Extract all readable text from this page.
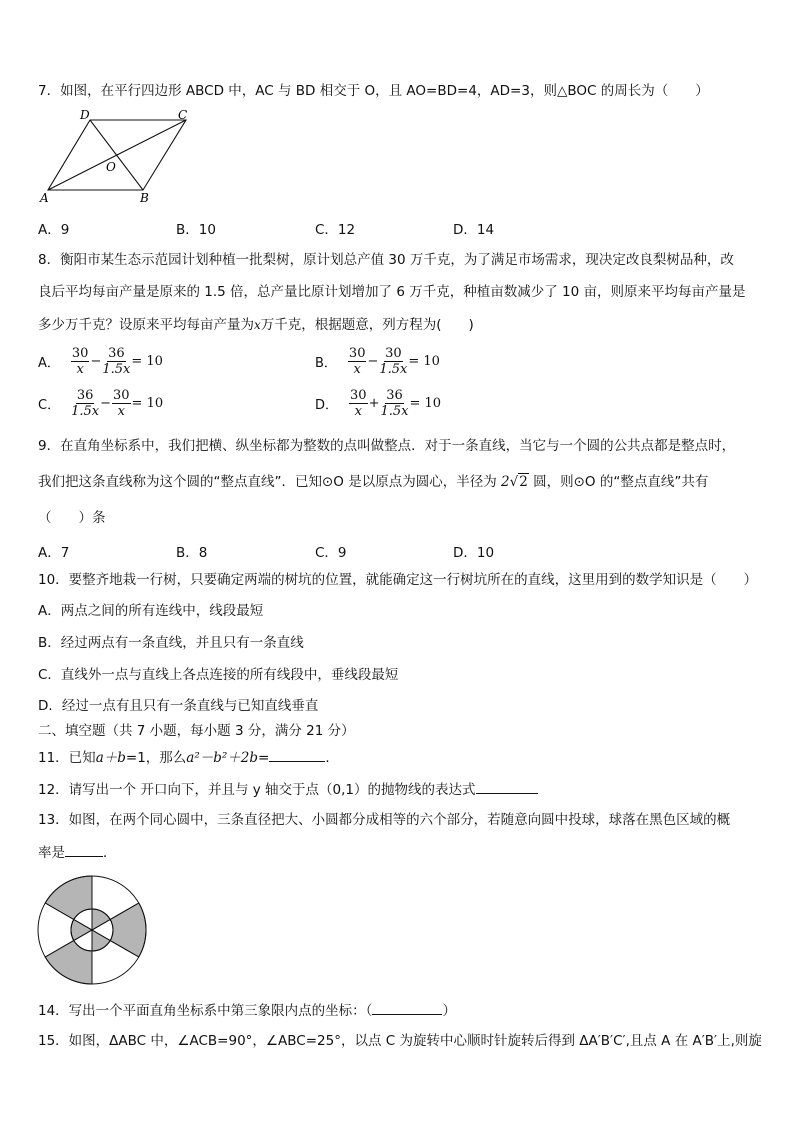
7．如图，在平行四边形 ABCD 中，AC 与 BD 相交于 O，且 AO=BD=4，AD=3，则△BOC 的周长为（　　）
A	B
C
D
O
A．9	B．10	C．12	D．14
8．衡阳市某生态示范园计划种植一批梨树，原计划总产值 30 万千克，为了满足市场需求，现决定改良梨树品种，改
良后平均每亩产量是原来的 1.5 倍，总产量比原计划增加了 6 万千克，种植亩数减少了 10 亩，则原来平均每亩产量是
多少万千克？设原来平均每亩产量为x万千克，根据题意，列方程为(　　)
A． $\frac{30}{x} - \frac{36}{1.5x} = 10$	B． $\frac{30}{x} - \frac{30}{1.5x} = 10$
C． $\frac{36}{1.5x} - \frac{30}{x} = 10$	D． $\frac{30}{x} + \frac{36}{1.5x} = 10$
9．在直角坐标系中，我们把横、纵坐标都为整数的点叫做整点．对于一条直线，当它与一个圆的公共点都是整点时，
我们把这条直线称为这个圆的“整点直线”．已知⊙O 是以原点为圆心，半径为 2√2 圆，则⊙O 的“整点直线”共有
（　　）条
A．7	B．8	C．9	D．10
10．要整齐地栽一行树，只要确定两端的树坑的位置，就能确定这一行树坑所在的直线，这里用到的数学知识是（　　）
A．两点之间的所有连线中，线段最短
B．经过两点有一条直线，并且只有一条直线
C．直线外一点与直线上各点连接的所有线段中，垂线段最短
D．经过一点有且只有一条直线与已知直线垂直
二、填空题（共 7 小题，每小题 3 分，满分 21 分）
11．已知a＋b=1，那么a²－b²＋2b=	．
12．请写出一个 开口向下，并且与 y 轴交于点（0,1）的抛物线的表达式
13．如图，在两个同心圆中，三条直径把大、小圆都分成相等的六个部分，若随意向圆中投球，球落在黑色区域的概
率是	．
14．写出一个平面直角坐标系中第三象限内点的坐标：（	）
15．如图，ΔABC 中，∠ACB=90°，∠ABC=25°，以点 C 为旋转中心顺时针旋转后得到 ΔA′B′C′,且点 A 在 A′B′上,则旋
